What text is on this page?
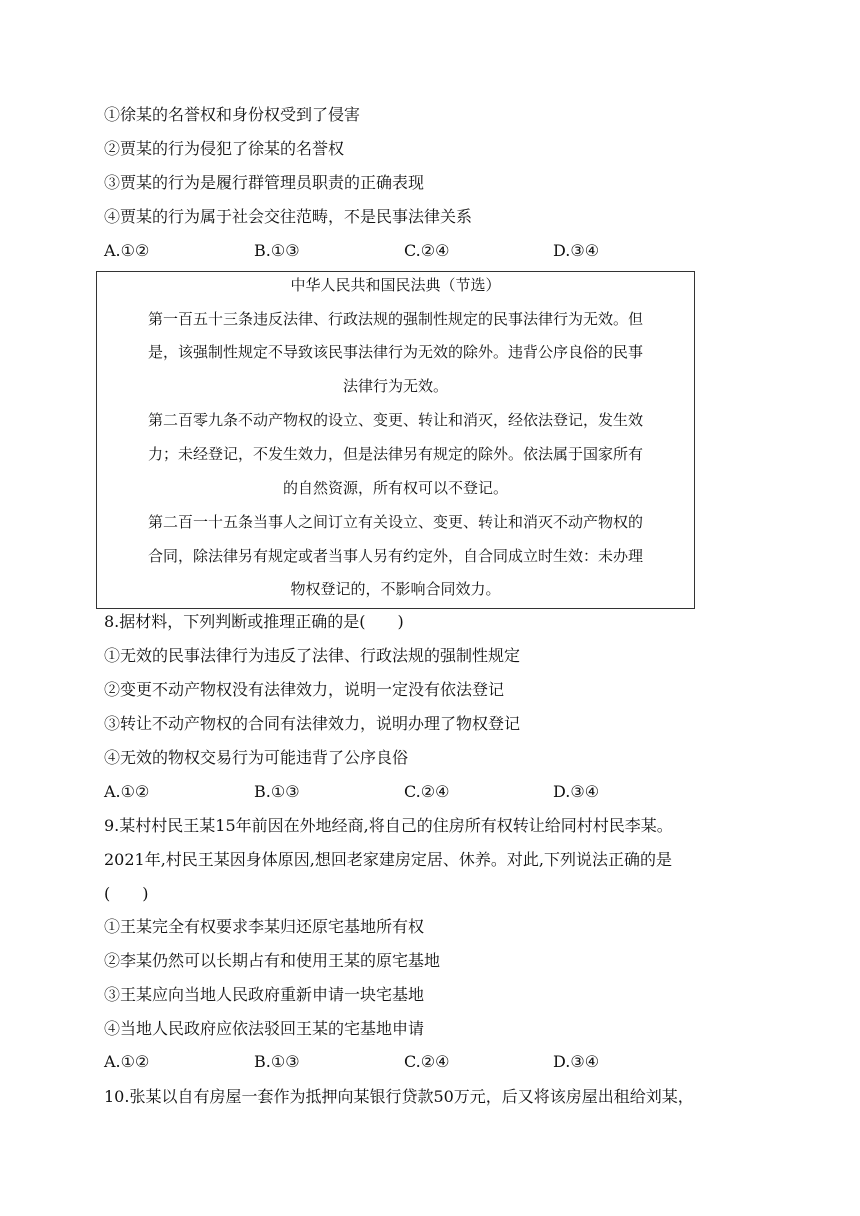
①徐某的名誉权和身份权受到了侵害
②贾某的行为侵犯了徐某的名誉权
③贾某的行为是履行群管理员职责的正确表现
④贾某的行为属于社会交往范畴，不是民事法律关系
A.①②	B.①③	C.②④	D.③④
中华人民共和国民法典（节选）
第一百五十三条违反法律、行政法规的强制性规定的民事法律行为无效。但
是，该强制性规定不导致该民事法律行为无效的除外。违背公序良俗的民事
法律行为无效。
第二百零九条不动产物权的设立、变更、转让和消灭，经依法登记，发生效
力；未经登记，不发生效力，但是法律另有规定的除外。依法属于国家所有
的自然资源，所有权可以不登记。
第二百一十五条当事人之间订立有关设立、变更、转让和消灭不动产物权的
合同，除法律另有规定或者当事人另有约定外，自合同成立时生效：未办理
物权登记的，不影响合同效力。
8.据材料，下列判断或推理正确的是(　　)
①无效的民事法律行为违反了法律、行政法规的强制性规定
②变更不动产物权没有法律效力，说明一定没有依法登记
③转让不动产物权的合同有法律效力，说明办理了物权登记
④无效的物权交易行为可能违背了公序良俗
A.①②	B.①③	C.②④	D.③④
9.某村村民王某15年前因在外地经商,将自己的住房所有权转让给同村村民李某。
2021年,村民王某因身体原因,想回老家建房定居、休养。对此,下列说法正确的是
(　　)
①王某完全有权要求李某归还原宅基地所有权
②李某仍然可以长期占有和使用王某的原宅基地
③王某应向当地人民政府重新申请一块宅基地
④当地人民政府应依法驳回王某的宅基地申请
A.①②	B.①③	C.②④	D.③④
10.张某以自有房屋一套作为抵押向某银行贷款50万元，后又将该房屋出租给刘某，
